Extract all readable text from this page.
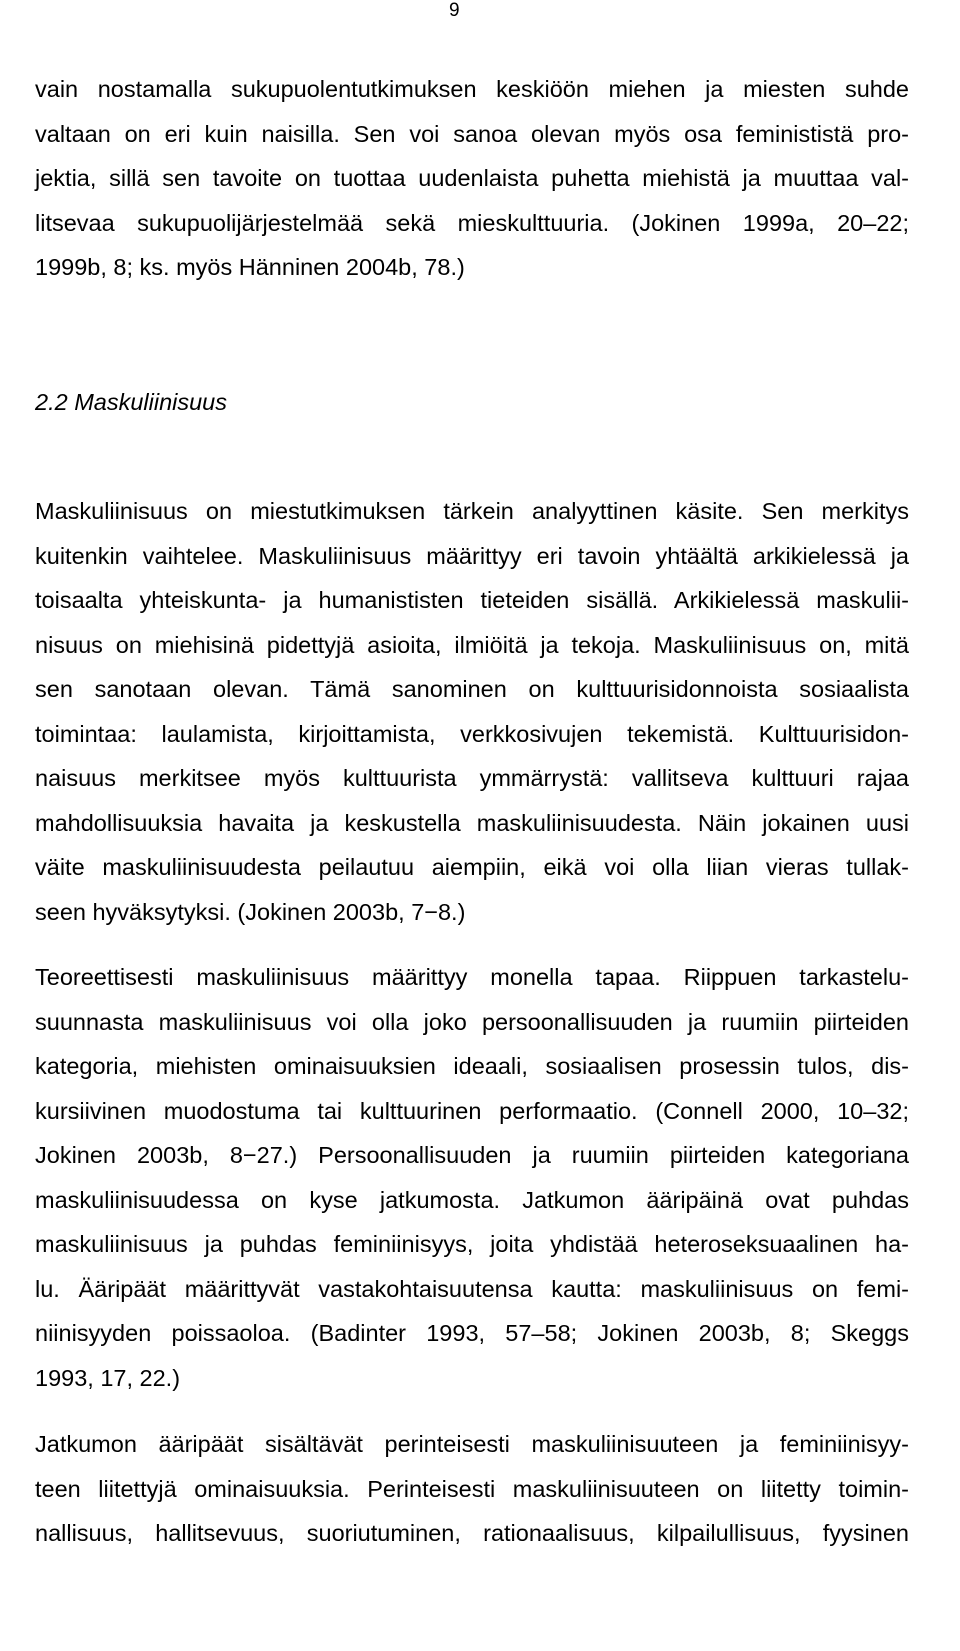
9
vain nostamalla sukupuolentutkimuksen keskiöön miehen ja miesten suhde
valtaan on eri kuin naisilla. Sen voi sanoa olevan myös osa feminististä pro-
jektia, sillä sen tavoite on tuottaa uudenlaista puhetta miehistä ja muuttaa val-
litsevaa sukupuolijärjestelmää sekä mieskulttuuria. (Jokinen 1999a, 20–22;
1999b, 8; ks. myös Hänninen 2004b, 78.)
2.2 Maskuliinisuus
Maskuliinisuus on miestutkimuksen tärkein analyyttinen käsite. Sen merkitys
kuitenkin vaihtelee. Maskuliinisuus määrittyy eri tavoin yhtäältä arkikielessä ja
toisaalta yhteiskunta- ja humanististen tieteiden sisällä. Arkikielessä maskulii-
nisuus on miehisinä pidettyjä asioita, ilmiöitä ja tekoja. Maskuliinisuus on, mitä
sen sanotaan olevan. Tämä sanominen on kulttuurisidonnoista sosiaalista
toimintaa: laulamista, kirjoittamista, verkkosivujen tekemistä. Kulttuurisidon-
naisuus merkitsee myös kulttuurista ymmärrystä: vallitseva kulttuuri rajaa
mahdollisuuksia havaita ja keskustella maskuliinisuudesta. Näin jokainen uusi
väite maskuliinisuudesta peilautuu aiempiin, eikä voi olla liian vieras tullak-
seen hyväksytyksi. (Jokinen 2003b, 7−8.)
Teoreettisesti maskuliinisuus määrittyy monella tapaa. Riippuen tarkastelu-
suunnasta maskuliinisuus voi olla joko persoonallisuuden ja ruumiin piirteiden
kategoria, miehisten ominaisuuksien ideaali, sosiaalisen prosessin tulos, dis-
kursiivinen muodostuma tai kulttuurinen performaatio. (Connell 2000, 10–32;
Jokinen 2003b, 8−27.) Persoonallisuuden ja ruumiin piirteiden kategoriana
maskuliinisuudessa on kyse jatkumosta. Jatkumon ääripäinä ovat puhdas
maskuliinisuus ja puhdas feminiinisyys, joita yhdistää heteroseksuaalinen ha-
lu. Ääripäät määrittyvät vastakohtaisuutensa kautta: maskuliinisuus on femi-
niinisyyden poissaoloa. (Badinter 1993, 57–58; Jokinen 2003b, 8; Skeggs
1993, 17, 22.)
Jatkumon ääripäät sisältävät perinteisesti maskuliinisuuteen ja feminiinisyy-
teen liitettyjä ominaisuuksia. Perinteisesti maskuliinisuuteen on liitetty toimin-
nallisuus, hallitsevuus, suoriutuminen, rationaalisuus, kilpailullisuus, fyysinen
